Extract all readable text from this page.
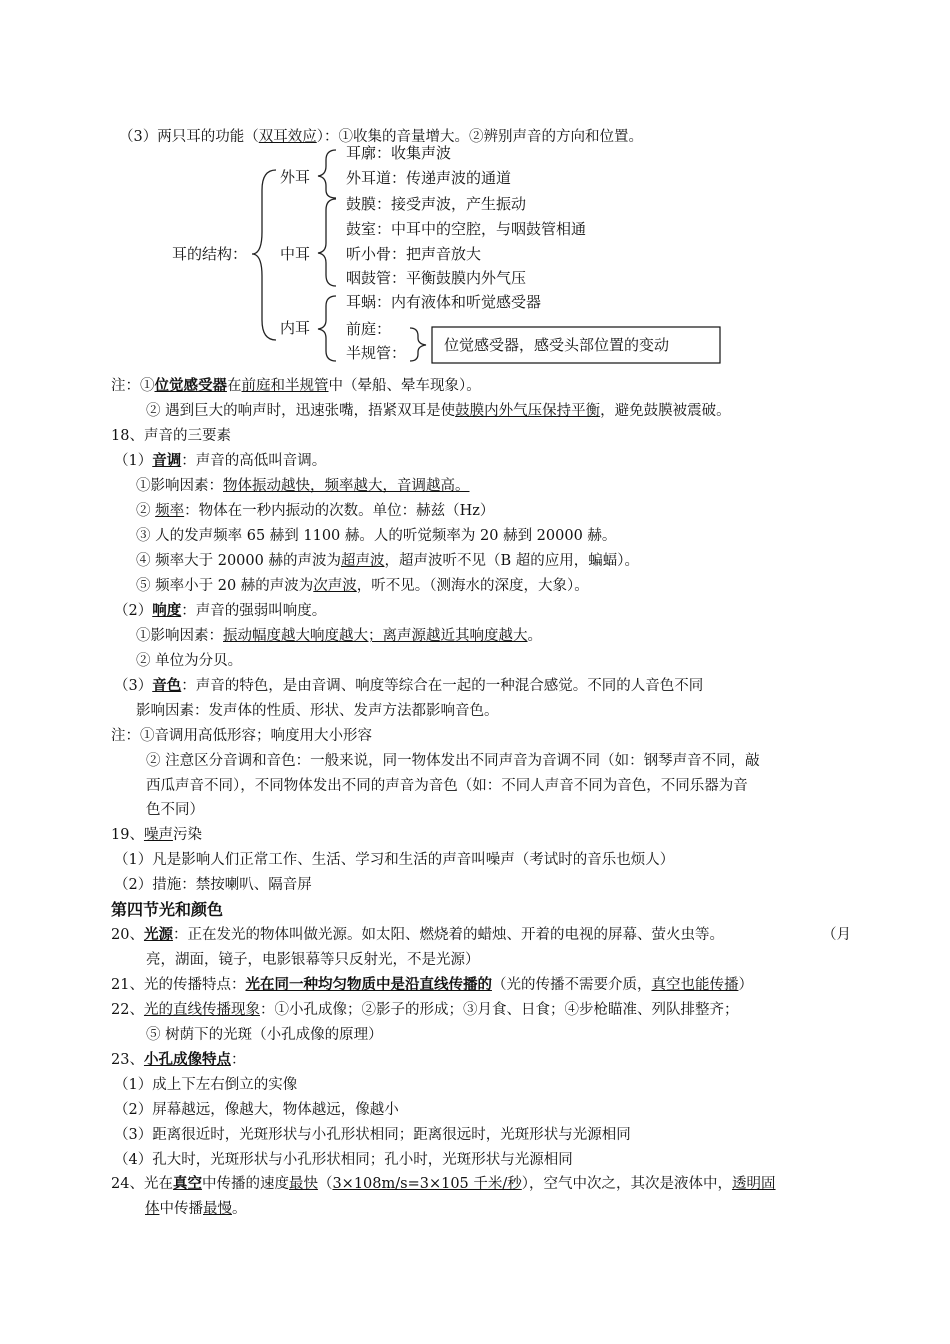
（3）两只耳的功能（双耳效应）：①收集的音量增大。②辨别声音的方向和位置。
耳的结构：
外耳
中耳
内耳
耳廓：收集声波
外耳道：传递声波的通道
鼓膜：接受声波，产生振动
鼓室：中耳中的空腔，与咽鼓管相通
听小骨：把声音放大
咽鼓管：平衡鼓膜内外气压
耳蜗：内有液体和听觉感受器
前庭：
半规管：	位觉感受器，感受头部位置的变动
注：①位觉感受器在前庭和半规管中（晕船、晕车现象）。
② 遇到巨大的响声时，迅速张嘴，捂紧双耳是使鼓膜内外气压保持平衡，避免鼓膜被震破。
18、声音的三要素
（1）音调：声音的高低叫音调。
①影响因素：物体振动越快，频率越大，音调越高。
② 频率：物体在一秒内振动的次数。单位：赫兹（Hz）
③ 人的发声频率 65 赫到 1100 赫。人的听觉频率为 20 赫到 20000 赫。
④ 频率大于 20000 赫的声波为超声波，超声波听不见（B 超的应用，蝙蝠）。
⑤ 频率小于 20 赫的声波为次声波，听不见。（测海水的深度，大象）。
（2）响度：声音的强弱叫响度。
①影响因素：振动幅度越大响度越大；离声源越近其响度越大。
② 单位为分贝。
（3）音色：声音的特色，是由音调、响度等综合在一起的一种混合感觉。不同的人音色不同
影响因素：发声体的性质、形状、发声方法都影响音色。
注：①音调用高低形容；响度用大小形容
② 注意区分音调和音色：一般来说，同一物体发出不同声音为音调不同（如：钢琴声音不同，敲
西瓜声音不同），不同物体发出不同的声音为音色（如：不同人声音不同为音色，不同乐器为音
色不同）
19、噪声污染
（1）凡是影响人们正常工作、生活、学习和生活的声音叫噪声（考试时的音乐也烦人）
（2）措施：禁按喇叭、隔音屏
第四节光和颜色
20、光源：正在发光的物体叫做光源。如太阳、燃烧着的蜡烛、开着的电视的屏幕、萤火虫等。	（月
亮，湖面，镜子，电影银幕等只反射光，不是光源）
21、光的传播特点：光在同一种均匀物质中是沿直线传播的（光的传播不需要介质，真空也能传播）
22、光的直线传播现象：①小孔成像；②影子的形成；③月食、日食；④步枪瞄准、列队排整齐；
⑤ 树荫下的光斑（小孔成像的原理）
23、小孔成像特点：
（1）成上下左右倒立的实像
（2）屏幕越远，像越大，物体越远，像越小
（3）距离很近时，光斑形状与小孔形状相同；距离很远时，光斑形状与光源相同
（4）孔大时，光斑形状与小孔形状相同；孔小时，光斑形状与光源相同
24、光在真空中传播的速度最快（3×108m/s=3×105 千米/秒），空气中次之，其次是液体中，透明固
体中传播最慢。
